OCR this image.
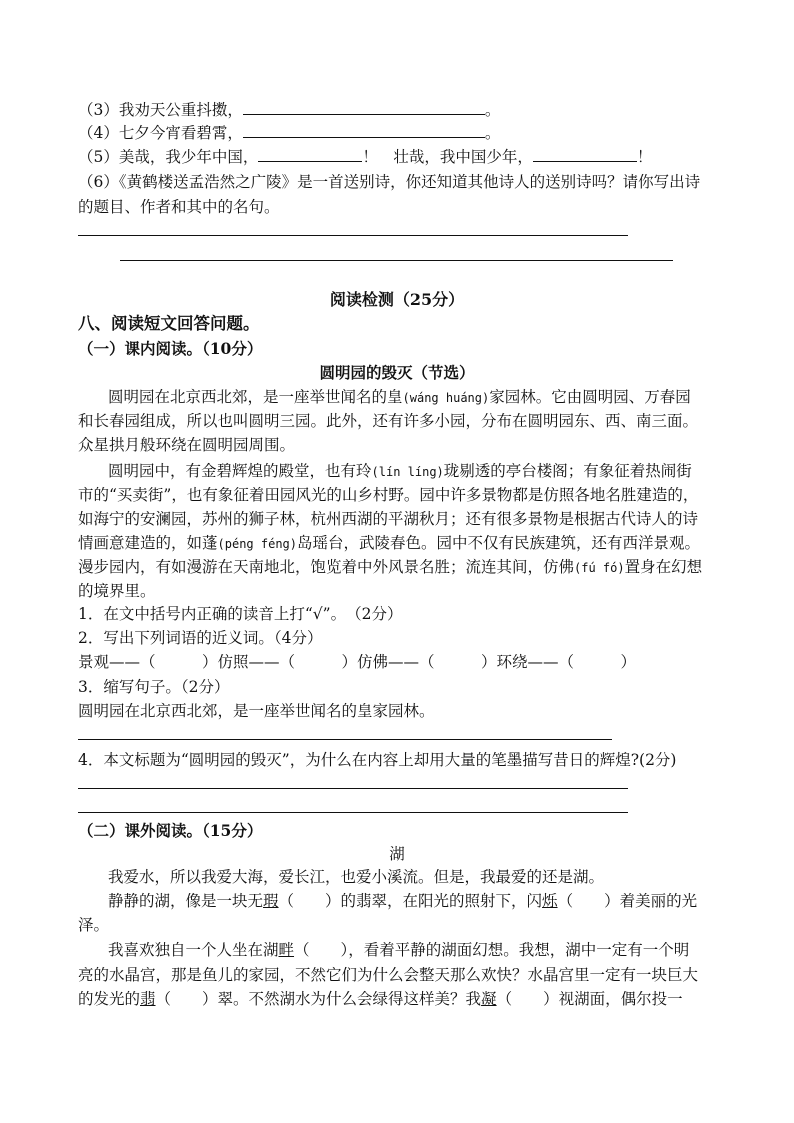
（3）我劝天公重抖擞，	。
（4）七夕今宵看碧霄，	。
（5）美哉，我少年中国，	！　壮哉，我中国少年，	！
（6）《黄鹤楼送孟浩然之广陵》是一首送别诗，你还知道其他诗人的送别诗吗？请你写出诗
的题目、作者和其中的名句。
阅读检测（25分）
八、阅读短文回答问题。
（一）课内阅读。（10分）
圆明园的毁灭（节选）
圆明园在北京西北郊，是一座举世闻名的皇(wáng huáng)家园林。它由圆明园、万春园
和长春园组成，所以也叫圆明三园。此外，还有许多小园，分布在圆明园东、西、南三面。
众星拱月般环绕在圆明园周围。
圆明园中，有金碧辉煌的殿堂，也有玲(lín líng)珑剔透的亭台楼阁；有象征着热闹街
市的“买卖街”，也有象征着田园风光的山乡村野。园中许多景物都是仿照各地名胜建造的，
如海宁的安澜园，苏州的狮子林，杭州西湖的平湖秋月；还有很多景物是根据古代诗人的诗
情画意建造的，如蓬(péng féng)岛瑶台，武陵春色。园中不仅有民族建筑，还有西洋景观。
漫步园内，有如漫游在天南地北，饱览着中外风景名胜；流连其间，仿佛(fú fó)置身在幻想
的境界里。
1．在文中括号内正确的读音上打“√”。　（2分）
2．写出下列词语的近义词。（4分）
景观——（　　　）仿照——（　　　）仿佛——（　　　）环绕——（　　　）
3．缩写句子。（2分）
圆明园在北京西北郊，是一座举世闻名的皇家园林。
4．本文标题为“圆明园的毁灭”，为什么在内容上却用大量的笔墨描写昔日的辉煌?(2分)
（二）课外阅读。（15分）
湖
我爱水，所以我爱大海，爱长江，也爱小溪流。但是，我最爱的还是湖。
静静的湖，像是一块无瑕（　　）的翡翠，在阳光的照射下，闪烁（　　）着美丽的光
泽。
我喜欢独自一个人坐在湖畔（　　），看着平静的湖面幻想。我想，湖中一定有一个明
亮的水晶宫，那是鱼儿的家园，不然它们为什么会整天那么欢快？水晶宫里一定有一块巨大
的发光的翡（　　）翠。不然湖水为什么会绿得这样美？我凝（　　）视湖面，偶尔投一
